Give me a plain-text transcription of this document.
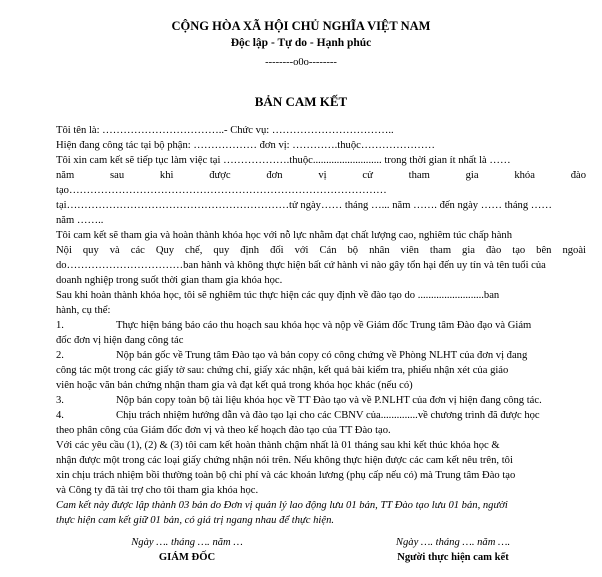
CỘNG HÒA XÃ HỘI CHỦ NGHĨA VIỆT NAM
Độc lập - Tự do - Hạnh phúc
--------o0o--------
BẢN CAM KẾT
Tôi tên là: ……………………………..- Chức vụ: ……………………………..
Hiện đang công tác tại bộ phận: ……………… đơn vị: ………….thuộc…………………
Tôi xin cam kết sẽ tiếp tục làm việc tại ……………….thuộc.......................... trong thời gian ít nhất là ……
năm sau khi được đơn vị cử tham gia khóa đào
tạo………………………………………………………………………………
tại………………………………………………………tử ngày…… tháng …... năm ……. đến ngày …… tháng ……
năm ……..
Tôi cam kết sẽ tham gia và hoàn thành khóa học với nỗ lực nhằm đạt chất lượng cao, nghiêm túc chấp hành
Nội quy và các Quy chế, quy định đối với Cán bộ nhân viên tham gia đào tạo bên ngoài
do……………………………ban hành và không thực hiện bất cứ hành vi nào gây tổn hại đến uy tín và tên tuổi của
doanh nghiệp trong suốt thời gian tham gia khóa học.
Sau khi hoàn thành khóa học, tôi sẽ nghiêm túc thực hiện các quy định về đào tạo do .........................ban
hành, cụ thể:
1.	Thực hiện báng báo cáo thu hoạch sau khóa học và nộp về Giám đốc Trung tâm Đào đạo và Giám
đốc đơn vị hiện đang công tác
2.	Nộp bản gốc về Trung tâm Đào tạo và bản copy có công chứng về Phòng NLHT của đơn vị đang
công tác một trong các giấy tờ sau: chứng chỉ, giấy xác nhận, kết quả bài kiểm tra, phiếu nhận xét của giáo
viên hoặc văn bản chứng nhận tham gia và đạt kết quả trong khóa học khác (nếu có)
3.	Nộp bản copy toàn bộ tài liệu khóa học về TT Đào tạo và về P.NLHT của đơn vị hiện đang công tác.
4.	Chịu trách nhiệm hướng dẫn và đào tạo lại cho các CBNV của..............về chương trình đã được học
theo phân công của Giám đốc đơn vị và theo kế hoạch đào tạo của TT Đào tạo.
Với các yêu cầu (1), (2) & (3) tôi cam kết hoàn thành chậm nhất là 01 tháng sau khi kết thúc khóa học &
nhận được một trong các loại giấy chứng nhận nói trên. Nếu không thực hiện được các cam kết nêu trên, tôi
xin chịu trách nhiệm bồi thường toàn bộ chi phí và các khoản lương (phụ cấp nếu có) mà Trung tâm Đào tạo
và Công ty đã tài trợ cho tôi tham gia khóa học.
Cam kết này được lập thành 03 bản do Đơn vị quản lý lao động lưu 01 bản, TT Đào tạo lưu 01 bản, người
thực hiện cam kết giữ 01 bản, có giá trị ngang nhau để thực hiện.
Ngày …. tháng …. năm …
GIÁM ĐỐC
Ngày …. tháng …. năm ….
Người thực hiện cam kết
